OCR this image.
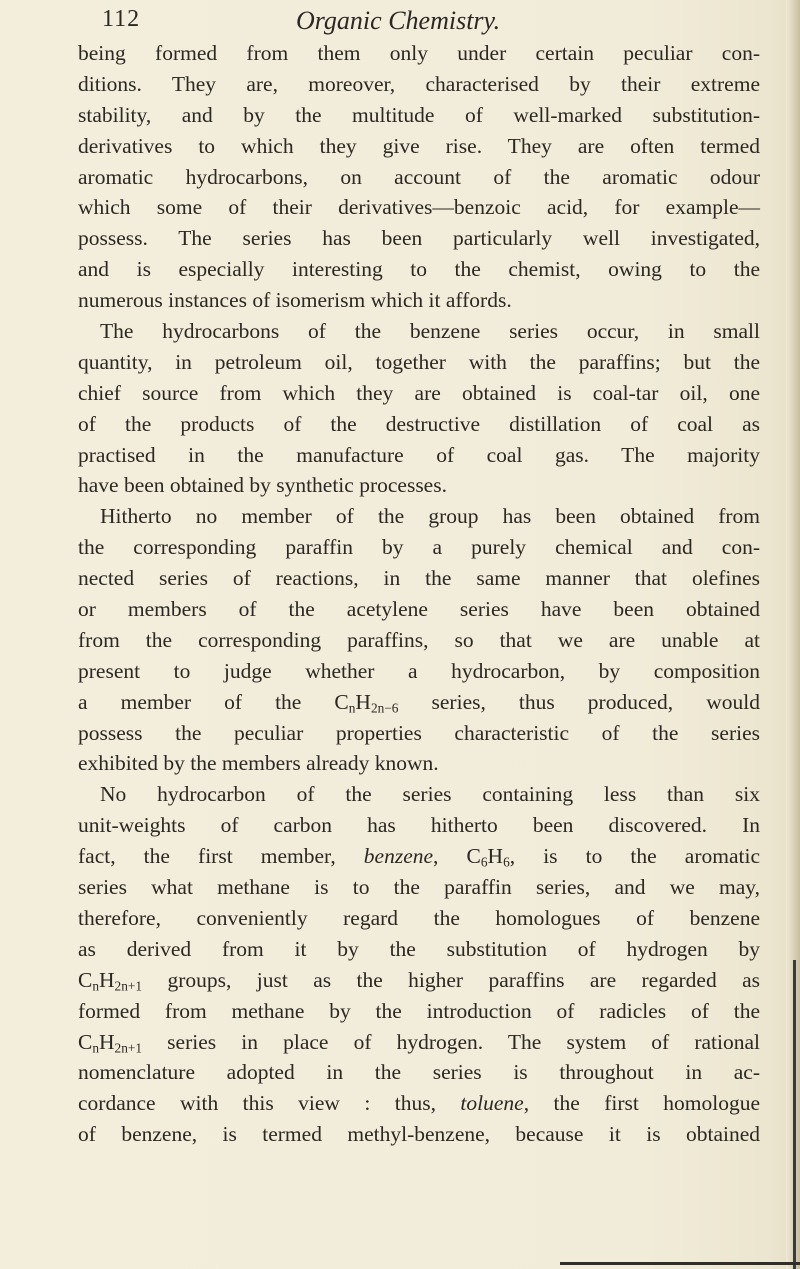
112	Organic Chemistry.
being formed from them only under certain peculiar con-
ditions. They are, moreover, characterised by their extreme
stability, and by the multitude of well-marked substitution-
derivatives to which they give rise. They are often termed
aromatic hydrocarbons, on account of the aromatic odour
which some of their derivatives—benzoic acid, for example—
possess. The series has been particularly well investigated,
and is especially interesting to the chemist, owing to the
numerous instances of isomerism which it affords.
The hydrocarbons of the benzene series occur, in small
quantity, in petroleum oil, together with the paraffins; but the
chief source from which they are obtained is coal-tar oil, one
of the products of the destructive distillation of coal as
practised in the manufacture of coal gas. The majority
have been obtained by synthetic processes.
Hitherto no member of the group has been obtained from
the corresponding paraffin by a purely chemical and con-
nected series of reactions, in the same manner that olefines
or members of the acetylene series have been obtained
from the corresponding paraffins, so that we are unable at
present to judge whether a hydrocarbon, by composition
a member of the $C_nH_{2n-6}$ series, thus produced, would
possess the peculiar properties characteristic of the series
exhibited by the members already known.
No hydrocarbon of the series containing less than six
unit-weights of carbon has hitherto been discovered. In
fact, the first member, benzene, $C_6H_6$, is to the aromatic
series what methane is to the paraffin series, and we may,
therefore, conveniently regard the homologues of benzene
as derived from it by the substitution of hydrogen by
$C_nH_{2n+1}$ groups, just as the higher paraffins are regarded as
formed from methane by the introduction of radicles of the
$C_nH_{2n+1}$ series in place of hydrogen. The system of rational
nomenclature adopted in the series is throughout in ac-
cordance with this view : thus, toluene, the first homologue
of benzene, is termed methyl-benzene, because it is obtained
